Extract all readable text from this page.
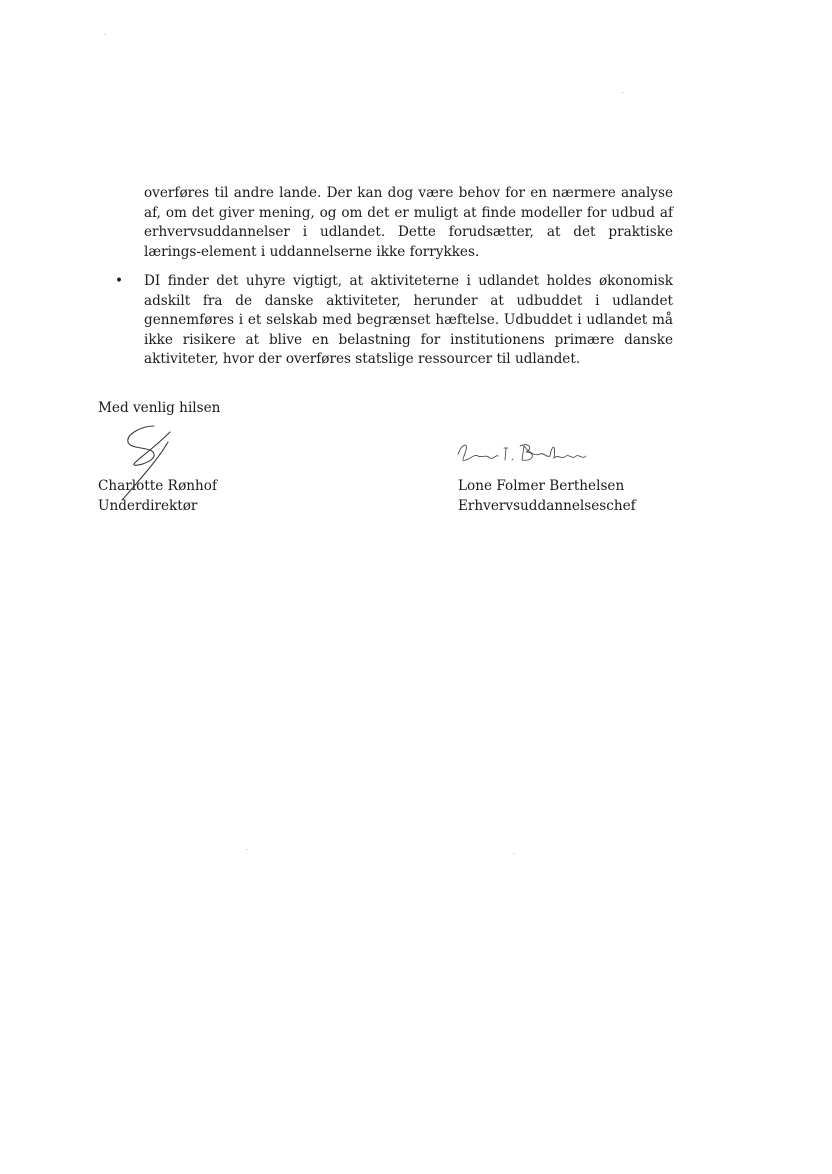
overføres til andre lande. Der kan dog være behov for en nærmere analyse af, om det giver mening, og om det er muligt at finde modeller for udbud af erhvervsuddannelser i udlandet. Dette forudsætter, at det praktiske lærings-element i uddannelserne ikke forrykkes.

• DI finder det uhyre vigtigt, at aktiviteterne i udlandet holdes økonomisk adskilt fra de danske aktiviteter, herunder at udbuddet i udlandet gennemføres i et selskab med begrænset hæftelse. Udbuddet i udlandet må ikke risikere at blive en belastning for institutionens primære danske aktiviteter, hvor der overføres statslige ressourcer til udlandet.
Med venlig hilsen
Charlotte Rønhof
Underdirektør
Lone Folmer Berthelsen
Erhvervsuddannelseschef
